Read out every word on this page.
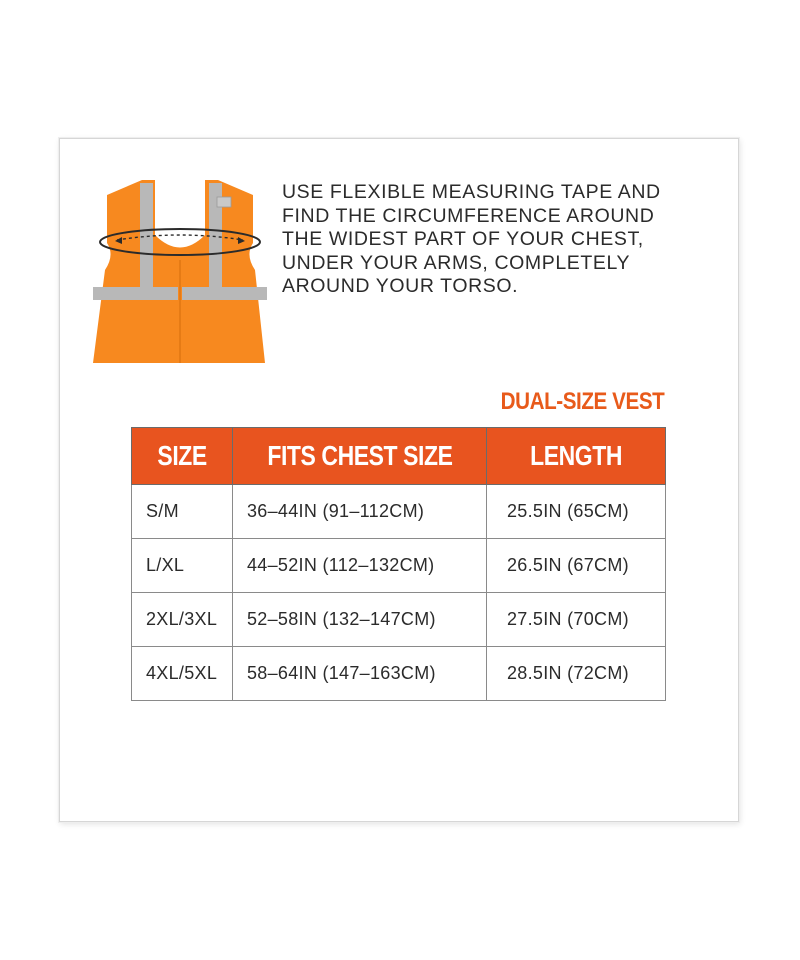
USE FLEXIBLE MEASURING TAPE AND
FIND THE CIRCUMFERENCE AROUND
THE WIDEST PART OF YOUR CHEST,
UNDER YOUR ARMS, COMPLETELY
AROUND YOUR TORSO.
DUAL-SIZE VEST
SIZE	FITS CHEST SIZE	LENGTH
S/M	36–44IN (91–112CM)	25.5IN (65CM)
L/XL	44–52IN (112–132CM)	26.5IN (67CM)
2XL/3XL	52–58IN (132–147CM)	27.5IN (70CM)
4XL/5XL	58–64IN (147–163CM)	28.5IN (72CM)
